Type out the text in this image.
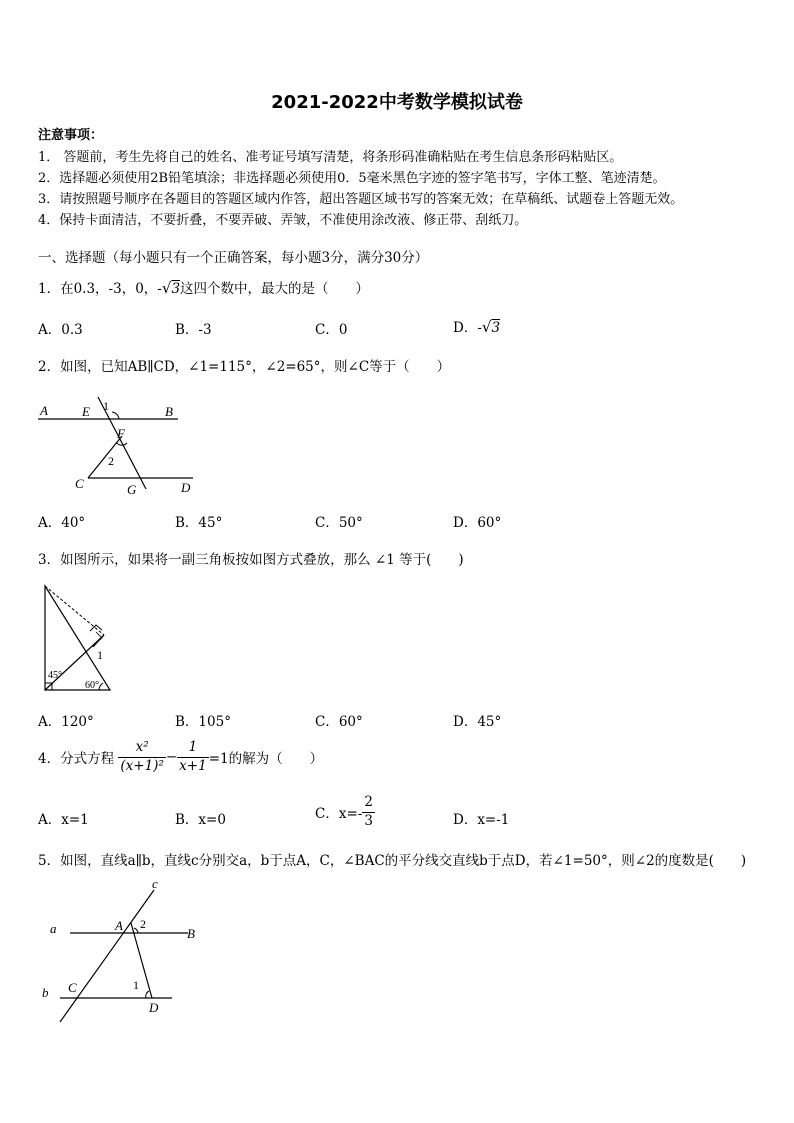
2021-2022中考数学模拟试卷
注意事项：
1． 答题前，考生先将自己的姓名、准考证号填写清楚，将条形码准确粘贴在考生信息条形码粘贴区。
2．选择题必须使用2B铅笔填涂；非选择题必须使用0．5毫米黑色字迹的签字笔书写，字体工整、笔迹清楚。
3．请按照题号顺序在各题目的答题区域内作答，超出答题区域书写的答案无效；在草稿纸、试题卷上答题无效。
4．保持卡面清洁，不要折叠，不要弄破、弄皱，不准使用涂改液、修正带、刮纸刀。
一、选择题（每小题只有一个正确答案，每小题3分，满分30分）
1．在0.3，-3，0，-√3这四个数中，最大的是（　　）
A．0.3	B．-3	C．0	D．-√3
2．如图，已知AB∥CD，∠1=115°，∠2=65°，则∠C等于（　　）
A	E 1	B
F
2
C	G	D
A．40°	B．45°	C．50°	D．60°
3．如图所示，如果将一副三角板按如图方式叠放，那么 ∠1 等于(　　)
1
45°
60°
A．120°	B．105°	C．60°	D．45°
4．分式方程 $\frac{\text{x²}}{\text{(x+1)²}} - \frac{1}{x+1} =1$的解为（　　）
A．x=1	B．x=0	C．$x=- \frac{2}{3}$	D．x=-1
5．如图，直线a∥b，直线c分别交a，b于点A，C，∠BAC的平分线交直线b于点D，若∠1=50°，则∠2的度数是(　　)
c
a	A 2
B
b C	1
D
